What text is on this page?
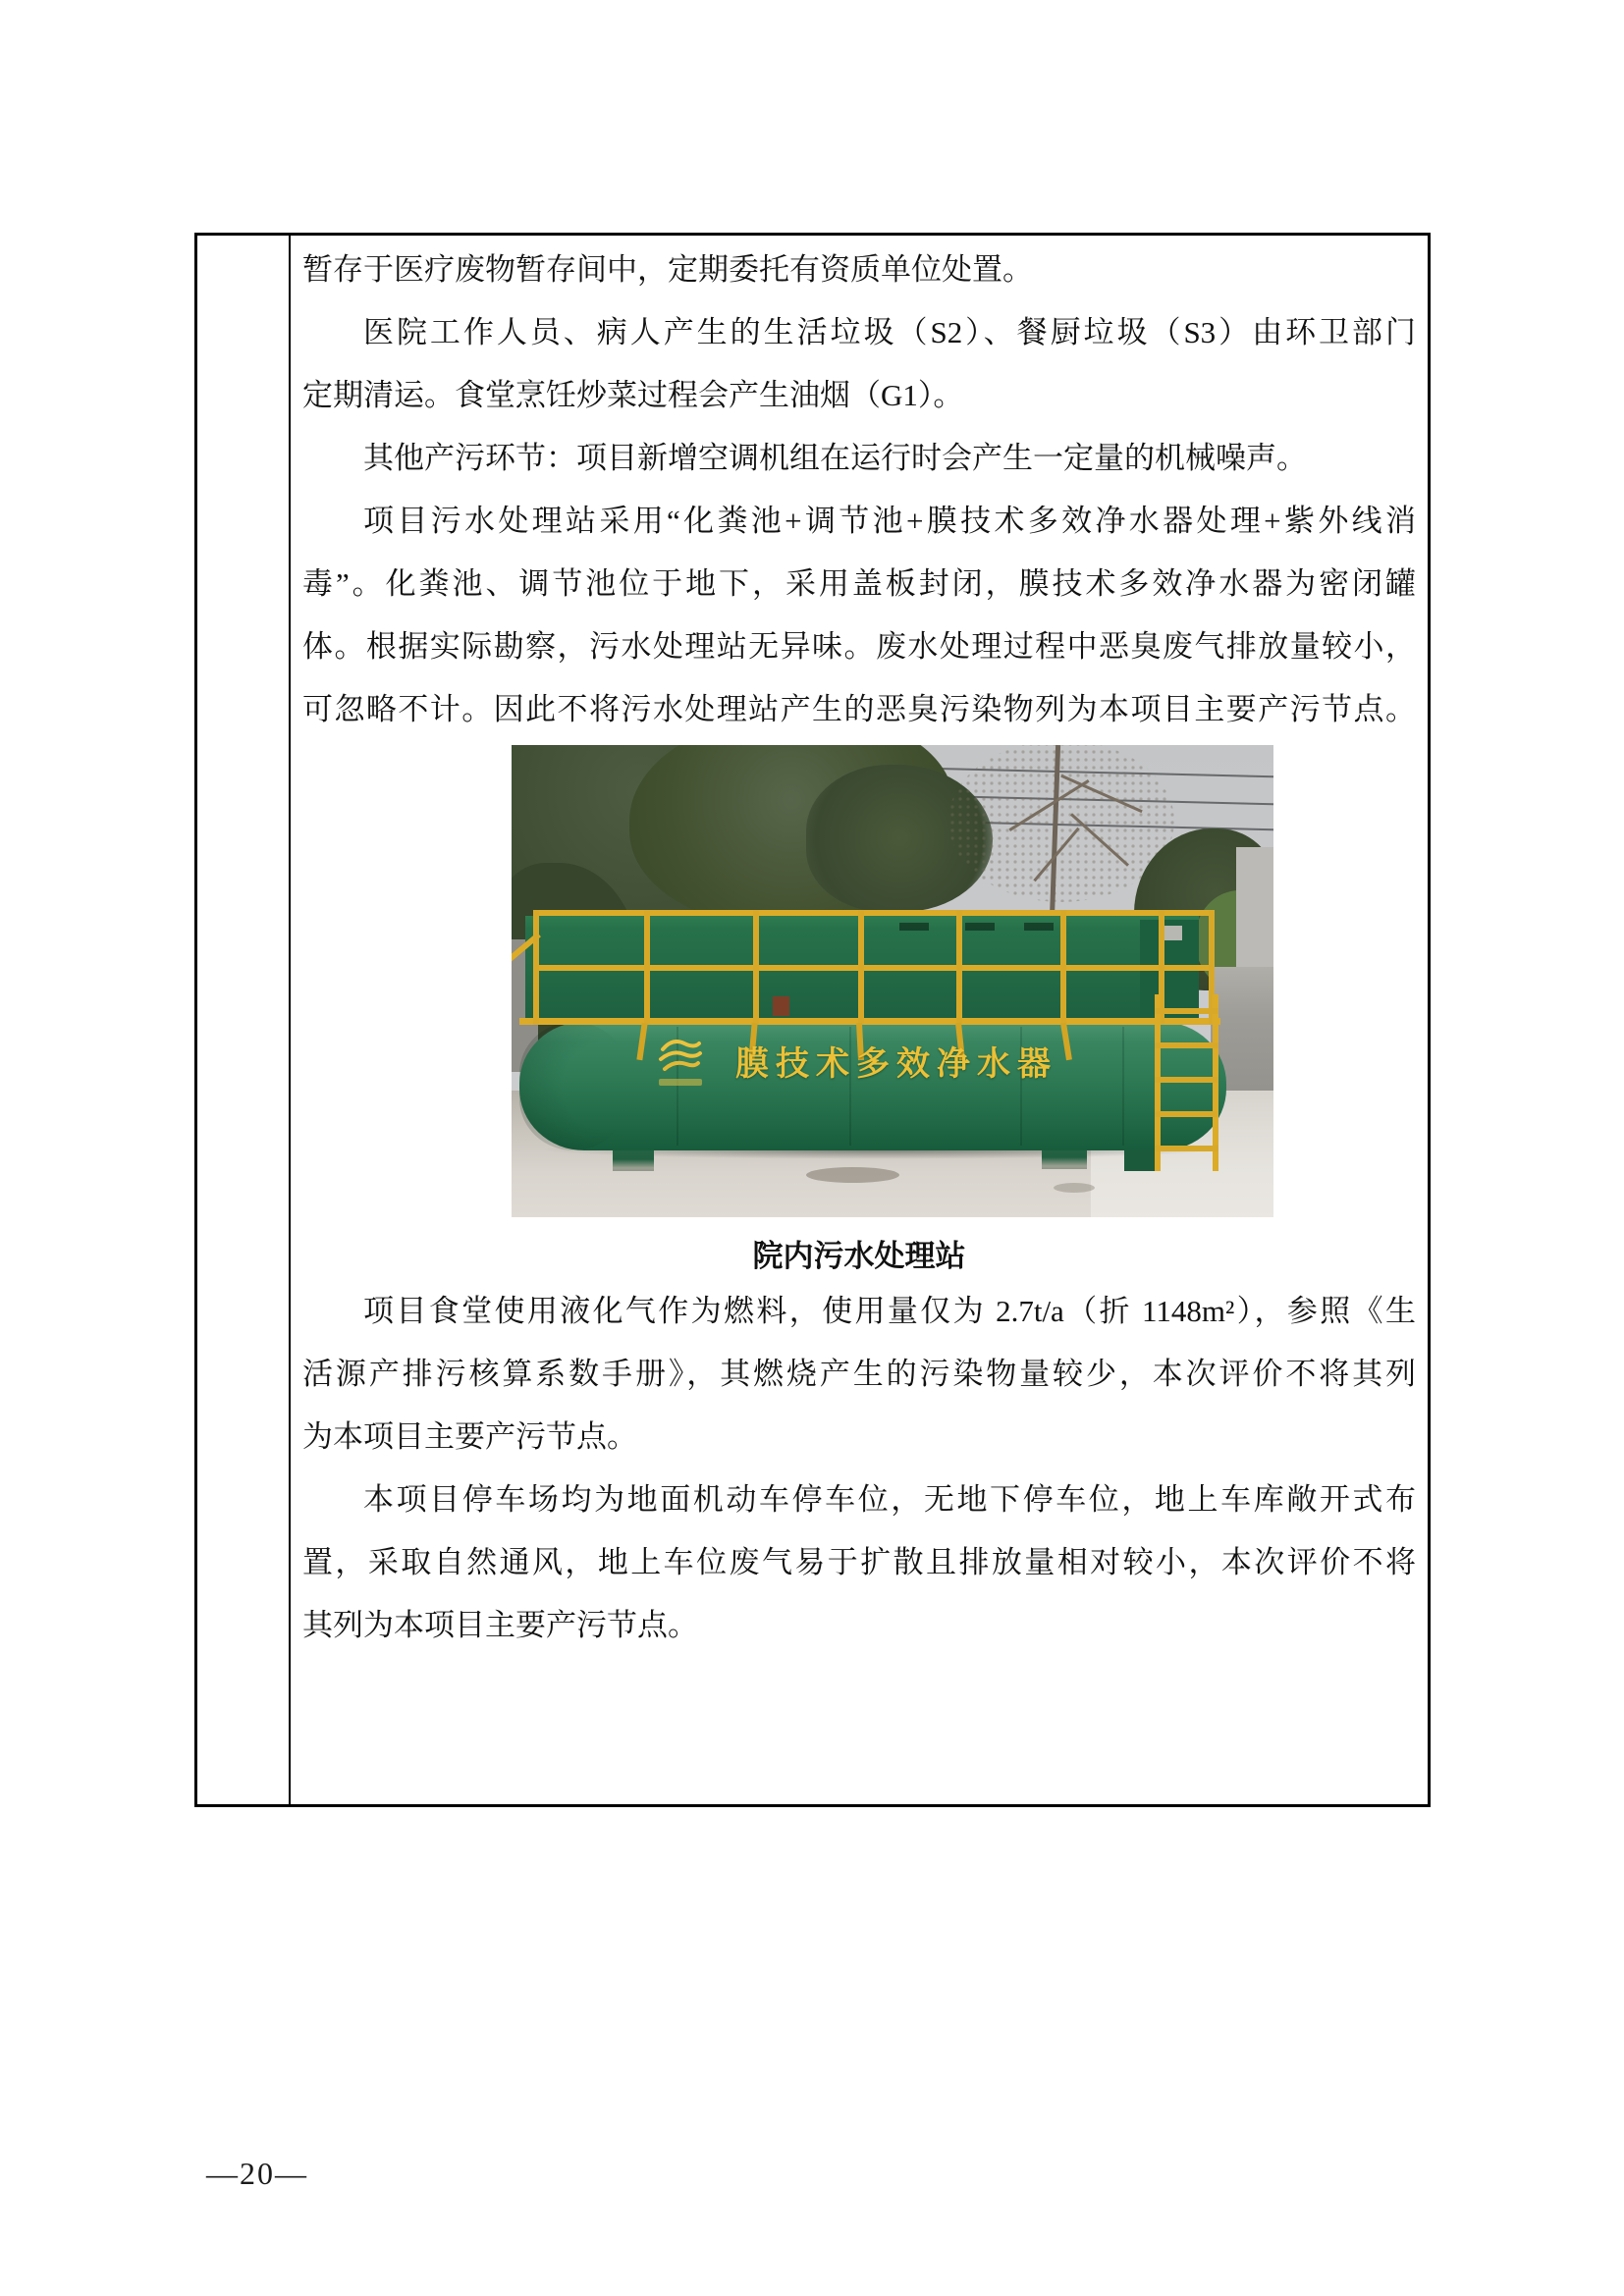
暂存于医疗废物暂存间中，定期委托有资质单位处置。
医院工作人员、病人产生的生活垃圾（S2）、餐厨垃圾（S3）由环卫部门
定期清运。食堂烹饪炒菜过程会产生油烟（G1）。
其他产污环节：项目新增空调机组在运行时会产生一定量的机械噪声。
项目污水处理站采用“化粪池+调节池+膜技术多效净水器处理+紫外线消
毒”。化粪池、调节池位于地下，采用盖板封闭，膜技术多效净水器为密闭罐
体。根据实际勘察，污水处理站无异味。废水处理过程中恶臭废气排放量较小，
可忽略不计。因此不将污水处理站产生的恶臭污染物列为本项目主要产污节点。
膜技术多效净水器
院内污水处理站
项目食堂使用液化气作为燃料，使用量仅为 2.7t/a（折 1148m²），参照《生
活源产排污核算系数手册》，其燃烧产生的污染物量较少，本次评价不将其列
为本项目主要产污节点。
本项目停车场均为地面机动车停车位，无地下停车位，地上车库敞开式布
置，采取自然通风，地上车位废气易于扩散且排放量相对较小，本次评价不将
其列为本项目主要产污节点。
—20—
